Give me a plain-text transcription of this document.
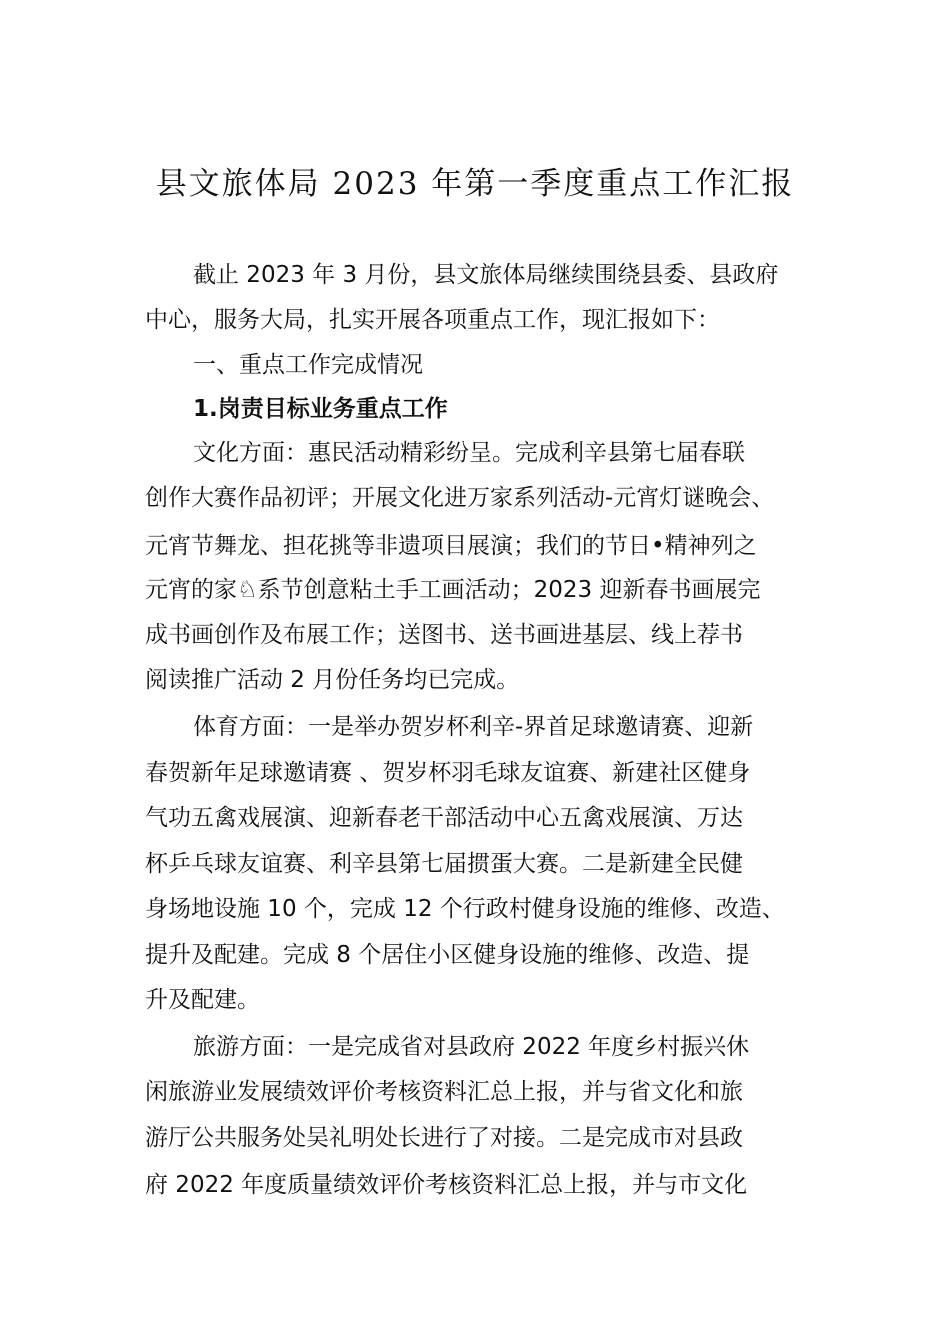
县文旅体局 2023 年第一季度重点工作汇报
截止 2023 年 3 月份，县文旅体局继续围绕县委、县政府
中心，服务大局，扎实开展各项重点工作，现汇报如下：
一、重点工作完成情况
1.岗责目标业务重点工作
文化方面：惠民活动精彩纷呈。完成利辛县第七届春联
创作大赛作品初评；开展文化进万家系列活动-元宵灯谜晚会、
元宵节舞龙、担花挑等非遗项目展演；我们的节日•精神列之
元宵的家♘系节创意粘土手工画活动；2023 迎新春书画展完
成书画创作及布展工作；送图书、送书画进基层、线上荐书
阅读推广活动 2 月份任务均已完成。
体育方面：一是举办贺岁杯利辛-界首足球邀请赛、迎新
春贺新年足球邀请赛 、贺岁杯羽毛球友谊赛、新建社区健身
气功五禽戏展演、迎新春老干部活动中心五禽戏展演、万达
杯乒乓球友谊赛、利辛县第七届掼蛋大赛。二是新建全民健
身场地设施 10 个，完成 12 个行政村健身设施的维修、改造、
提升及配建。完成 8 个居住小区健身设施的维修、改造、提
升及配建。
旅游方面：一是完成省对县政府 2022 年度乡村振兴休
闲旅游业发展绩效评价考核资料汇总上报，并与省文化和旅
游厅公共服务处吴礼明处长进行了对接。二是完成市对县政
府 2022 年度质量绩效评价考核资料汇总上报，并与市文化
